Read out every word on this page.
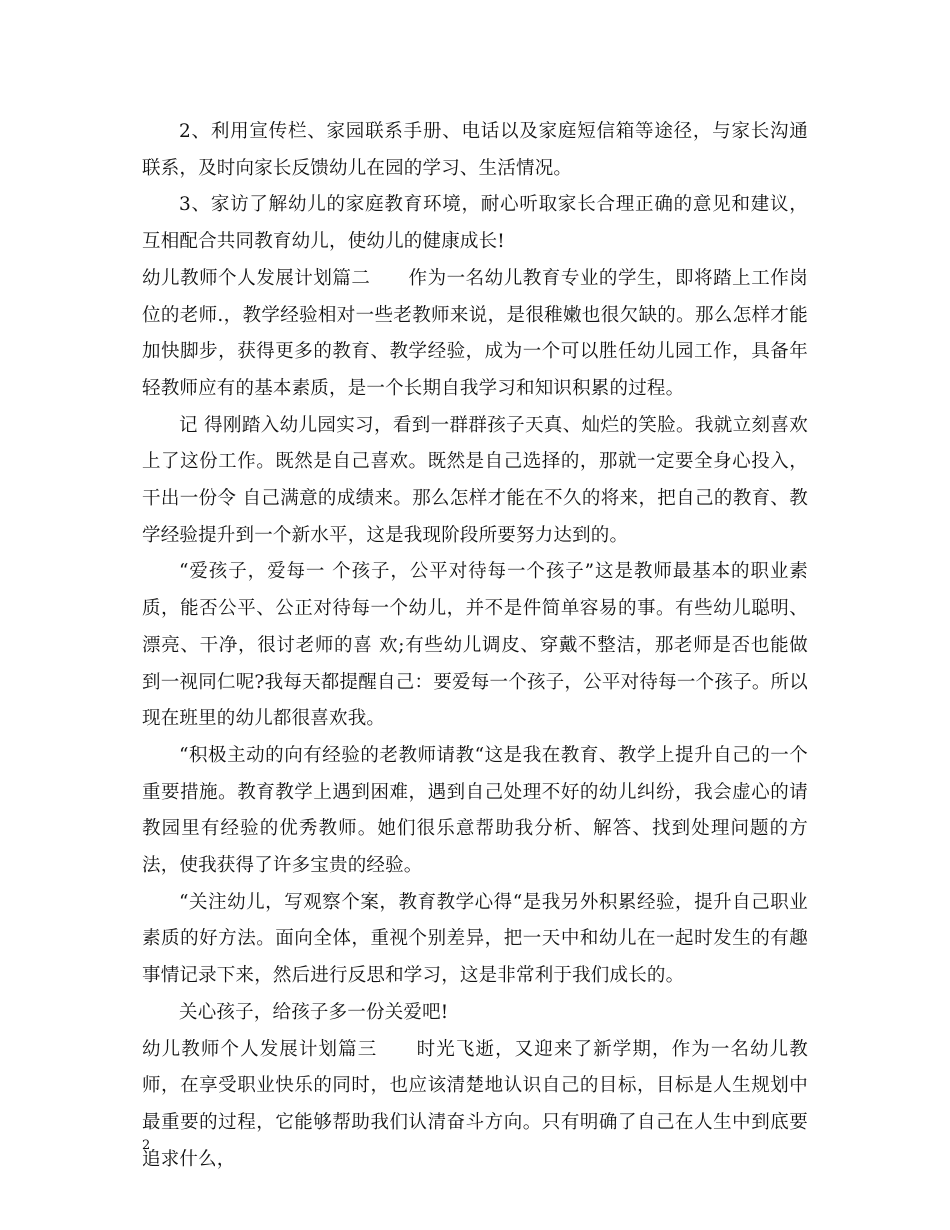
2、利用宣传栏、家园联系手册、电话以及家庭短信箱等途径，与家长沟通联系，及时向家长反馈幼儿在园的学习、生活情况。

3、家访了解幼儿的家庭教育环境，耐心听取家长合理正确的意见和建议，互相配合共同教育幼儿，使幼儿的健康成长!

幼儿教师个人发展计划篇二　　作为一名幼儿教育专业的学生，即将踏上工作岗位的老师.，教学经验相对一些老教师来说，是很稚嫩也很欠缺的。那么怎样才能加快脚步，获得更多的教育、教学经验，成为一个可以胜任幼儿园工作，具备年轻教师应有的基本素质，是一个长期自我学习和知识积累的过程。

记 得刚踏入幼儿园实习，看到一群群孩子天真、灿烂的笑脸。我就立刻喜欢上了这份工作。既然是自己喜欢。既然是自己选择的，那就一定要全身心投入，干出一份令 自己满意的成绩来。那么怎样才能在不久的将来，把自己的教育、教学经验提升到一个新水平，这是我现阶段所要努力达到的。

“爱孩子，爱每一 个孩子，公平对待每一个孩子”这是教师最基本的职业素质，能否公平、公正对待每一个幼儿，并不是件简单容易的事。有些幼儿聪明、漂亮、干净，很讨老师的喜 欢;有些幼儿调皮、穿戴不整洁，那老师是否也能做到一视同仁呢?我每天都提醒自己：要爱每一个孩子，公平对待每一个孩子。所以现在班里的幼儿都很喜欢我。

“积极主动的向有经验的老教师请教“这是我在教育、教学上提升自己的一个重要措施。教育教学上遇到困难，遇到自己处理不好的幼儿纠纷，我会虚心的请教园里有经验的优秀教师。她们很乐意帮助我分析、解答、找到处理问题的方法，使我获得了许多宝贵的经验。

“关注幼儿，写观察个案，教育教学心得“是我另外积累经验，提升自己职业素质的好方法。面向全体，重视个别差异，把一天中和幼儿在一起时发生的有趣事情记录下来，然后进行反思和学习，这是非常利于我们成长的。

关心孩子，给孩子多一份关爱吧!

幼儿教师个人发展计划篇三　　时光飞逝，又迎来了新学期，作为一名幼儿教师，在享受职业快乐的同时，也应该清楚地认识自己的目标，目标是人生规划中最重要的过程，它能够帮助我们认清奋斗方向。只有明确了自己在人生中到底要追求什么，

2
